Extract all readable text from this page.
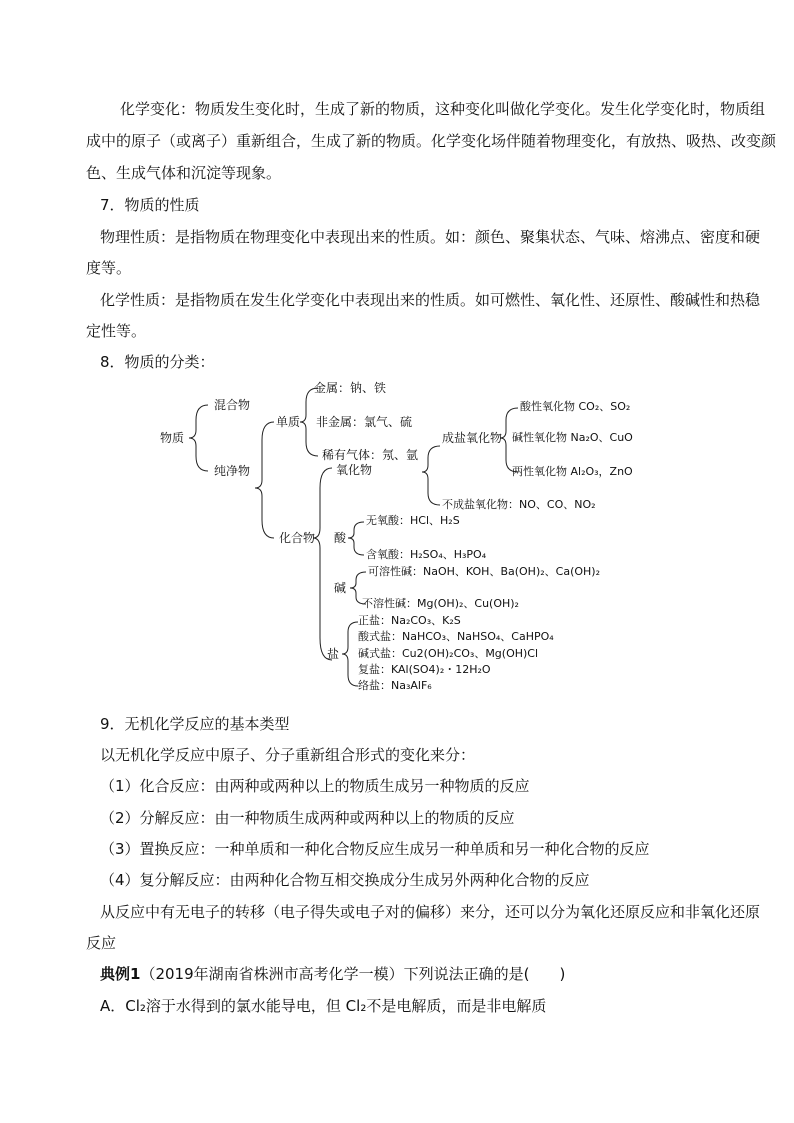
化学变化：物质发生变化时，生成了新的物质，这种变化叫做化学变化。发生化学变化时，物质组
成中的原子（或离子）重新组合，生成了新的物质。化学变化场伴随着物理变化，有放热、吸热、改变颜
色、生成气体和沉淀等现象。
7．物质的性质
物理性质：是指物质在物理变化中表现出来的性质。如：颜色、聚集状态、气味、熔沸点、密度和硬
度等。
化学性质：是指物质在发生化学变化中表现出来的性质。如可燃性、氧化性、还原性、酸碱性和热稳
定性等。
8．物质的分类：
物质
混合物
纯净物
单质
金属：钠、铁
非金属：氯气、硫
稀有气体：氖、氩
化合物
氧化物
成盐氧化物
酸性氧化物 CO₂、SO₂
碱性氧化物 Na₂O、CuO
两性氧化物 Al₂O₃，ZnO
不成盐氧化物：NO、CO、NO₂
酸
无氧酸：HCl、H₂S
含氧酸：H₂SO₄、H₃PO₄
碱
可溶性碱：NaOH、KOH、Ba(OH)₂、Ca(OH)₂
不溶性碱：Mg(OH)₂、Cu(OH)₂
盐
正盐：Na₂CO₃、K₂S
酸式盐：NaHCO₃、NaHSO₄、CaHPO₄
碱式盐：Cu2(OH)₂CO₃、Mg(OH)Cl
复盐：KAl(SO4)₂・12H₂O
络盐：Na₃AlF₆
9．无机化学反应的基本类型
以无机化学反应中原子、分子重新组合形式的变化来分：
（1）化合反应：由两种或两种以上的物质生成另一种物质的反应
（2）分解反应：由一种物质生成两种或两种以上的物质的反应
（3）置换反应：一种单质和一种化合物反应生成另一种单质和另一种化合物的反应
（4）复分解反应：由两种化合物互相交换成分生成另外两种化合物的反应
从反应中有无电子的转移（电子得失或电子对的偏移）来分，还可以分为氧化还原反应和非氧化还原
反应
典例1（2019年湖南省株洲市高考化学一模）下列说法正确的是(　　)
A．Cl₂溶于水得到的氯水能导电，但 Cl₂不是电解质，而是非电解质
